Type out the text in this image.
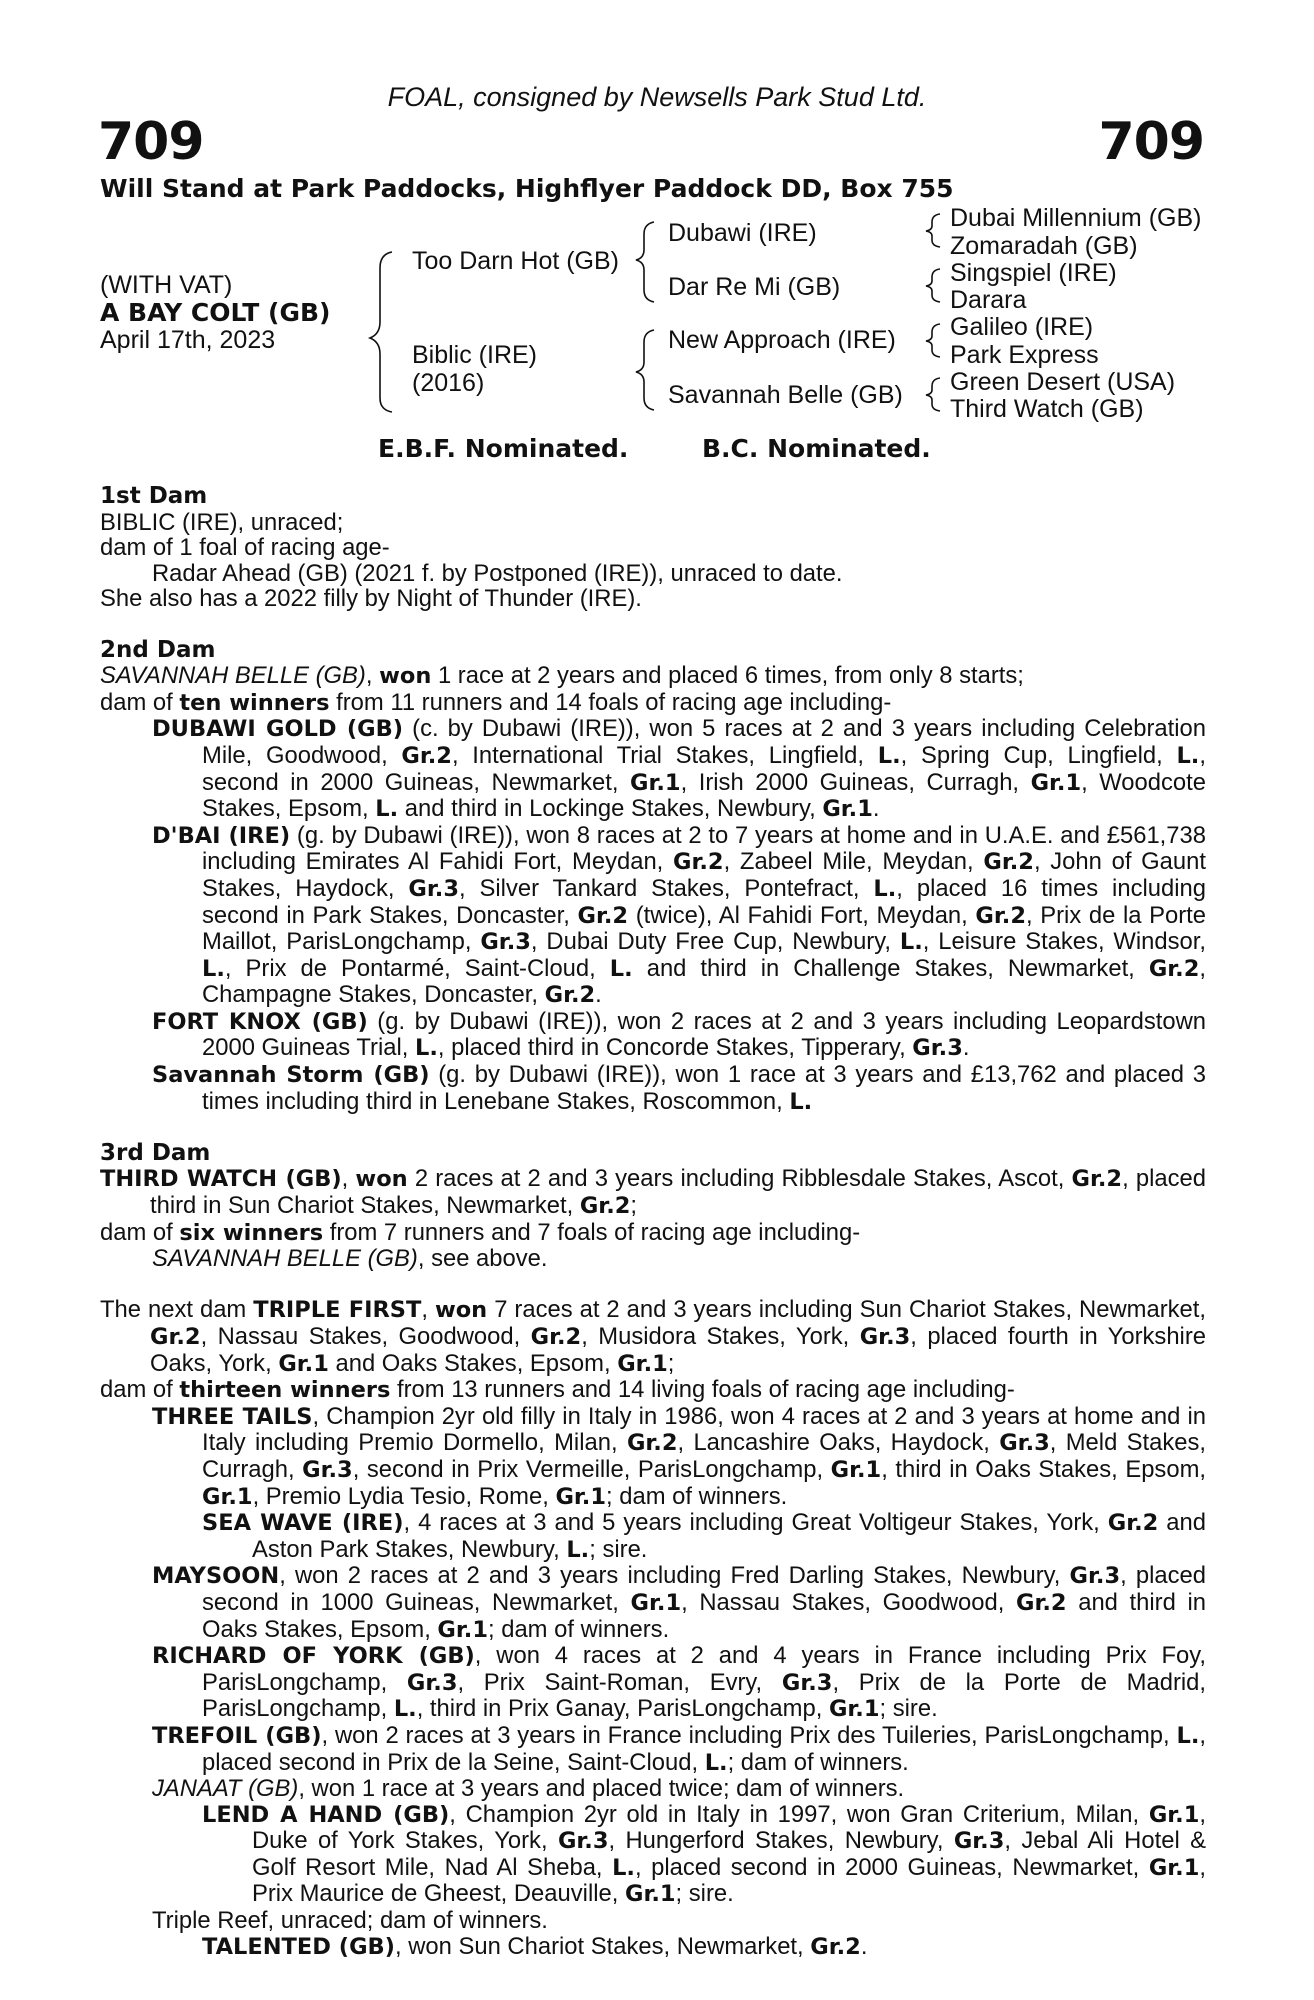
FOAL, consigned by Newsells Park Stud Ltd.
709	709
Will Stand at Park Paddocks, Highflyer Paddock DD, Box 755
(WITH VAT)
A BAY COLT (GB)
April 17th, 2023
Too Darn Hot (GB)
Biblic (IRE)
(2016)
Dubawi (IRE)
Dar Re Mi (GB)
New Approach (IRE)
Savannah Belle (GB)
Dubai Millennium (GB)
Zomaradah (GB)
Singspiel (IRE)
Darara
Galileo (IRE)
Park Express
Green Desert (USA)
Third Watch (GB)
E.B.F. Nominated.	B.C. Nominated.
1st Dam
BIBLIC (IRE), unraced;
dam of 1 foal of racing age-
Radar Ahead (GB) (2021 f. by Postponed (IRE)), unraced to date.
She also has a 2022 filly by Night of Thunder (IRE).
2nd Dam
SAVANNAH BELLE (GB), won 1 race at 2 years and placed 6 times, from only 8 starts;
dam of ten winners from 11 runners and 14 foals of racing age including-
DUBAWI GOLD (GB) (c. by Dubawi (IRE)), won 5 races at 2 and 3 years including Celebration Mile, Goodwood, Gr.2, International Trial Stakes, Lingfield, L., Spring Cup, Lingfield, L., second in 2000 Guineas, Newmarket, Gr.1, Irish 2000 Guineas, Curragh, Gr.1, Woodcote Stakes, Epsom, L. and third in Lockinge Stakes, Newbury, Gr.1.
D'BAI (IRE) (g. by Dubawi (IRE)), won 8 races at 2 to 7 years at home and in U.A.E. and £561,738 including Emirates Al Fahidi Fort, Meydan, Gr.2, Zabeel Mile, Meydan, Gr.2, John of Gaunt Stakes, Haydock, Gr.3, Silver Tankard Stakes, Pontefract, L., placed 16 times including second in Park Stakes, Doncaster, Gr.2 (twice), Al Fahidi Fort, Meydan, Gr.2, Prix de la Porte Maillot, ParisLongchamp, Gr.3, Dubai Duty Free Cup, Newbury, L., Leisure Stakes, Windsor, L., Prix de Pontarmé, Saint-Cloud, L. and third in Challenge Stakes, Newmarket, Gr.2, Champagne Stakes, Doncaster, Gr.2.
FORT KNOX (GB) (g. by Dubawi (IRE)), won 2 races at 2 and 3 years including Leopardstown 2000 Guineas Trial, L., placed third in Concorde Stakes, Tipperary, Gr.3.
Savannah Storm (GB) (g. by Dubawi (IRE)), won 1 race at 3 years and £13,762 and placed 3 times including third in Lenebane Stakes, Roscommon, L.
3rd Dam
THIRD WATCH (GB), won 2 races at 2 and 3 years including Ribblesdale Stakes, Ascot, Gr.2, placed third in Sun Chariot Stakes, Newmarket, Gr.2;
dam of six winners from 7 runners and 7 foals of racing age including-
SAVANNAH BELLE (GB), see above.
The next dam TRIPLE FIRST, won 7 races at 2 and 3 years including Sun Chariot Stakes, Newmarket, Gr.2, Nassau Stakes, Goodwood, Gr.2, Musidora Stakes, York, Gr.3, placed fourth in Yorkshire Oaks, York, Gr.1 and Oaks Stakes, Epsom, Gr.1;
dam of thirteen winners from 13 runners and 14 living foals of racing age including-
THREE TAILS, Champion 2yr old filly in Italy in 1986, won 4 races at 2 and 3 years at home and in Italy including Premio Dormello, Milan, Gr.2, Lancashire Oaks, Haydock, Gr.3, Meld Stakes, Curragh, Gr.3, second in Prix Vermeille, ParisLongchamp, Gr.1, third in Oaks Stakes, Epsom, Gr.1, Premio Lydia Tesio, Rome, Gr.1; dam of winners.
SEA WAVE (IRE), 4 races at 3 and 5 years including Great Voltigeur Stakes, York, Gr.2 and Aston Park Stakes, Newbury, L.; sire.
MAYSOON, won 2 races at 2 and 3 years including Fred Darling Stakes, Newbury, Gr.3, placed second in 1000 Guineas, Newmarket, Gr.1, Nassau Stakes, Goodwood, Gr.2 and third in Oaks Stakes, Epsom, Gr.1; dam of winners.
RICHARD OF YORK (GB), won 4 races at 2 and 4 years in France including Prix Foy, ParisLongchamp, Gr.3, Prix Saint-Roman, Evry, Gr.3, Prix de la Porte de Madrid, ParisLongchamp, L., third in Prix Ganay, ParisLongchamp, Gr.1; sire.
TREFOIL (GB), won 2 races at 3 years in France including Prix des Tuileries, ParisLongchamp, L., placed second in Prix de la Seine, Saint-Cloud, L.; dam of winners.
JANAAT (GB), won 1 race at 3 years and placed twice; dam of winners.
LEND A HAND (GB), Champion 2yr old in Italy in 1997, won Gran Criterium, Milan, Gr.1, Duke of York Stakes, York, Gr.3, Hungerford Stakes, Newbury, Gr.3, Jebal Ali Hotel & Golf Resort Mile, Nad Al Sheba, L., placed second in 2000 Guineas, Newmarket, Gr.1, Prix Maurice de Gheest, Deauville, Gr.1; sire.
Triple Reef, unraced; dam of winners.
TALENTED (GB), won Sun Chariot Stakes, Newmarket, Gr.2.
